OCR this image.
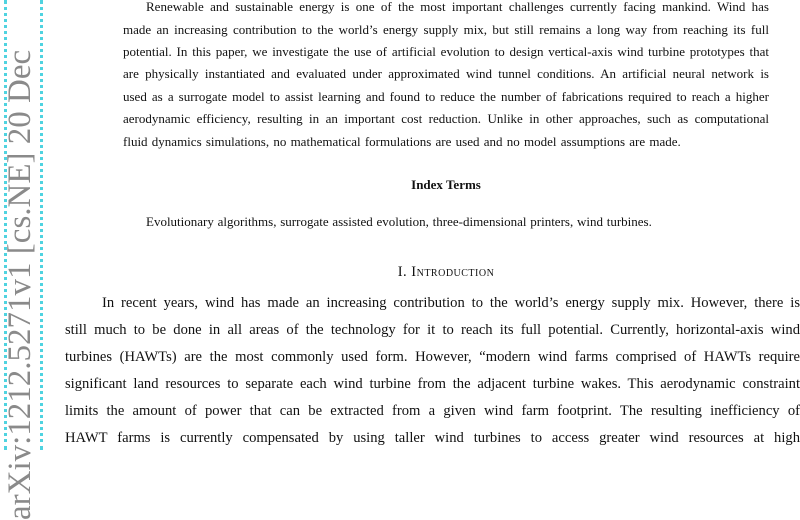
arXiv:1212.5271v1 [cs.NE] 20 Dec
Renewable and sustainable energy is one of the most important challenges currently facing mankind. Wind has
made an increasing contribution to the world’s energy supply mix, but still remains a long way from reaching its full
potential. In this paper, we investigate the use of artificial evolution to design vertical-axis wind turbine prototypes that
are physically instantiated and evaluated under approximated wind tunnel conditions. An artificial neural network is
used as a surrogate model to assist learning and found to reduce the number of fabrications required to reach a higher
aerodynamic efficiency, resulting in an important cost reduction. Unlike in other approaches, such as computational
fluid dynamics simulations, no mathematical formulations are used and no model assumptions are made.
Index Terms
Evolutionary algorithms, surrogate assisted evolution, three-dimensional printers, wind turbines.
I. Introduction
In recent years, wind has made an increasing contribution to the world’s energy supply mix. However, there is
still much to be done in all areas of the technology for it to reach its full potential. Currently, horizontal-axis wind
turbines (HAWTs) are the most commonly used form. However, “modern wind farms comprised of HAWTs require
significant land resources to separate each wind turbine from the adjacent turbine wakes. This aerodynamic constraint
limits the amount of power that can be extracted from a given wind farm footprint. The resulting inefficiency of
HAWT farms is currently compensated by using taller wind turbines to access greater wind resources at high
